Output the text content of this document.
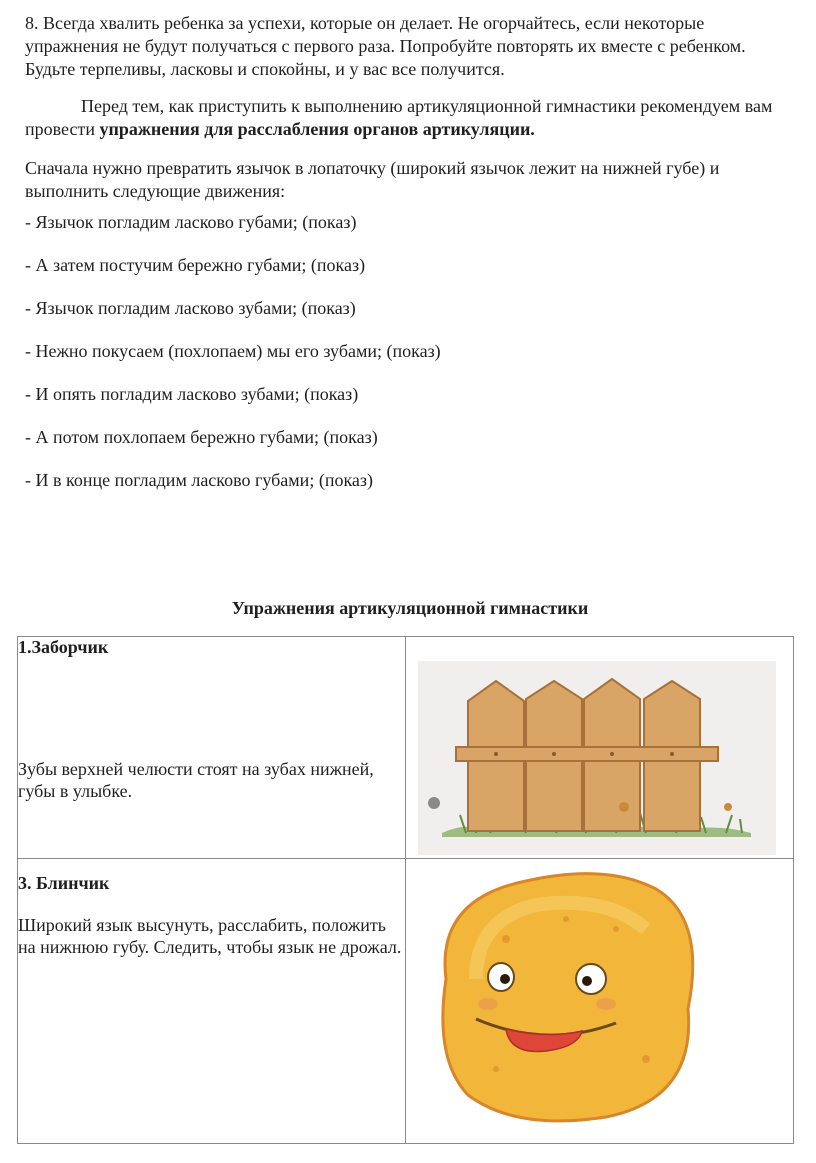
8. Всегда хвалить ребенка за успехи, которые он делает. Не огорчайтесь, если некоторые упражнения не будут получаться с первого раза. Попробуйте повторять их вместе с ребенком. Будьте терпеливы, ласковы и спокойны, и у вас все получится.

Перед тем, как приступить к выполнению артикуляционной гимнастики рекомендуем вам провести упражнения для расслабления органов артикуляции.

Сначала нужно превратить язычок в лопаточку (широкий язычок лежит на нижней губе) и выполнить следующие движения:

- Язычок погладим ласково губами; (показ)

- А затем постучим бережно губами; (показ)

- Язычок погладим ласково зубами; (показ)

- Нежно покусаем (похлопаем) мы его зубами; (показ)

- И опять погладим ласково зубами; (показ)

- А потом похлопаем бережно губами; (показ)

- И в конце погладим ласково губами; (показ)

Упражнения артикуляционной гимнастики

1.Заборчик

Зубы верхней челюсти стоят на зубах нижней, губы в улыбке.

3. Блинчик

Широкий язык высунуть, расслабить, положить на нижнюю губу. Следить, чтобы язык не дрожал.
